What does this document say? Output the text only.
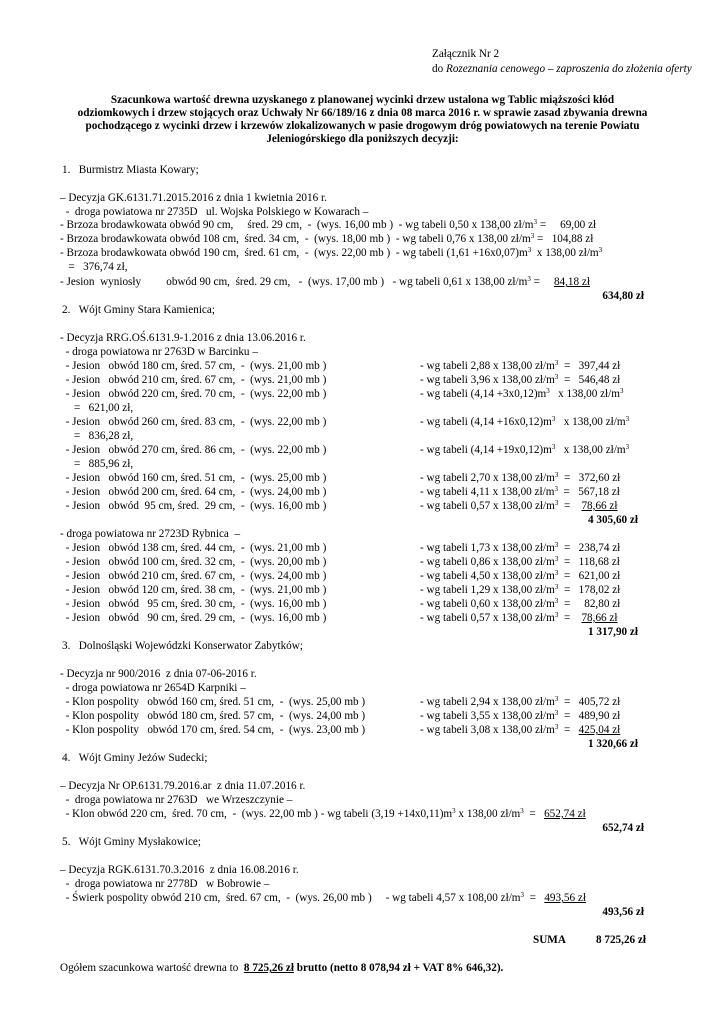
Załącznik Nr 2
do Rozeznania cenowego – zaproszenia do złożenia oferty
Szacunkowa wartość drewna uzyskanego z planowanej wycinki drzew ustalona wg Tablic miąższości kłód
odziomkowych i drzew stojących oraz Uchwały Nr 66/189/16 z dnia 08 marca 2016 r. w sprawie zasad zbywania drewna
pochodzącego z wycinki drzew i krzewów zlokalizowanych w pasie drogowym dróg powiatowych na terenie Powiatu
Jeleniogórskiego dla poniższych decyzji:
1.   Burmistrz Miasta Kowary;
– Decyzja GK.6131.71.2015.2016 z dnia 1 kwietnia 2016 r.
-  droga powiatowa nr 2735D   ul. Wojska Polskiego w Kowarach –
- Brzoza brodawkowata obwód 90 cm,     śred. 29 cm,  -  (wys. 16,00 mb )  - wg tabeli 0,50 x 138,00 $zł/m^3$ =     69,00 zł
- Brzoza brodawkowata obwód 108 cm,  śred. 34 cm,  -  (wys. 18,00 mb )  - wg tabeli 0,76 x 138,00 $zł/m^3 = 104,88$ zł
- Brzoza brodawkowata obwód 190 cm,  śred. 61 cm,  -  (wys. 22,00 mb )  - wg tabeli $(1,61 +16x0,07)m^3$  x 138,00 $zł/m^3$
=   376,74 zł,
- Jesion  wyniosły         obwód 90 cm,  śred. 29 cm,   -  (wys. 17,00 mb )   - wg tabeli 0,61 x 138,00 $zł/m^3$ =     84,18 zł
634,80 zł
2.   Wójt Gminy Stara Kamienica;
- Decyzja RRG.OŚ.6131.9-1.2016 z dnia 13.06.2016 r.
- droga powiatowa nr 2763D w Barcinku –
- Jesion   obwód 180 cm, śred. 57 cm,  -  (wys. 21,00 mb )	- wg tabeli 2,88 x 138,00 $zł/m^3 = 397,44$ zł
- Jesion   obwód 210 cm, śred. 67 cm,  -  (wys. 21,00 mb )	- wg tabeli 3,96 x 138,00 $zł/m^3 = 546,48$ zł
- Jesion   obwód 220 cm, śred. 70 cm,  -  (wys. 22,00 mb )	- wg tabeli $(4,14 +3x0,12)m^3$   x 138,00 $zł/m^3$
=   621,00 zł,
- Jesion   obwód 260 cm, śred. 83 cm,  -  (wys. 22,00 mb )	- wg tabeli $(4,14 +16x0,12)m^3$   x 138,00 $zł/m^3$
=   836,28 zł,
- Jesion   obwód 270 cm, śred. 86 cm,  -  (wys. 22,00 mb )	- wg tabeli $(4,14 +19x0,12)m^3$   x 138,00 $zł/m^3$
=   885,96 zł,
- Jesion   obwód 160 cm, śred. 51 cm,  -  (wys. 25,00 mb )	- wg tabeli 2,70 x 138,00 $zł/m^3 = 372,60$ zł
- Jesion   obwód 200 cm, śred. 64 cm,  -  (wys. 24,00 mb )	- wg tabeli 4,11 x 138,00 $zł/m^3 = 567,18$ zł
- Jesion   obwód  95 cm, śred.  29 cm,  -  (wys. 16,00 mb )	- wg tabeli 0,57 x 138,00 $zł/m^3$  =    78,66 zł
4 305,60 zł
- droga powiatowa nr 2723D Rybnica  –
- Jesion   obwód 138 cm, śred. 44 cm,  -  (wys. 21,00 mb )	- wg tabeli 1,73 x 138,00 $zł/m^3 = 238,74$ zł
- Jesion   obwód 100 cm, śred. 32 cm,  -  (wys. 20,00 mb )	- wg tabeli 0,86 x 138,00 $zł/m^3 = 118,68$ zł
- Jesion   obwód 210 cm, śred. 67 cm,  -  (wys. 24,00 mb )	- wg tabeli 4,50 x 138,00 $zł/m^3 = 621,00$ zł
- Jesion   obwód 120 cm, śred. 38 cm,  -  (wys. 21,00 mb )	- wg tabeli 1,29 x 138,00 $zł/m^3 = 178,02$ zł
- Jesion   obwód   95 cm, śred. 30 cm,  -  (wys. 16,00 mb )	- wg tabeli 0,60 x 138,00 $zł/m^3$  =     82,80 zł
- Jesion   obwód   90 cm, śred. 29 cm,  -  (wys. 16,00 mb )	- wg tabeli 0,57 x 138,00 $zł/m^3$  =    78,66 zł
1 317,90 zł
3.   Dolnośląski Wojewódzki Konserwator Zabytków;
- Decyzja nr 900/2016  z dnia 07-06-2016 r.
- droga powiatowa nr 2654D Karpniki –
- Klon pospolity   obwód 160 cm, śred. 51 cm,  -  (wys. 25,00 mb )	- wg tabeli 2,94 x 138,00 $zł/m^3 = 405,72$ zł
- Klon pospolity   obwód 180 cm, śred. 57 cm,  -  (wys. 24,00 mb )	- wg tabeli 3,55 x 138,00 $zł/m^3 = 489,90$ zł
- Klon pospolity   obwód 170 cm, śred. 54 cm,  -  (wys. 23,00 mb )	- wg tabeli 3,08 x 138,00 $zł/m^3 = 425,04$ zł
1 320,66 zł
4.   Wójt Gminy Jeżów Sudecki;
– Decyzja Nr OP.6131.79.2016.ar  z dnia 11.07.2016 r.
-  droga powiatowa nr 2763D   we Wrzeszczynie –
- Klon obwód 220 cm,  śred. 70 cm,  -  (wys. 22,00 mb ) - wg tabeli $(3,19 +14x0,11)m^3$ x 138,00 $zł/m^3 = 652,74$ zł
652,74 zł
5.   Wójt Gminy Mysłakowice;
– Decyzja RGK.6131.70.3.2016  z dnia 16.08.2016 r.
-  droga powiatowa nr 2778D   w Bobrowie –
- Świerk pospolity obwód 210 cm,  śred. 67 cm,  -  (wys. 26,00 mb )     - wg tabeli 4,57 x 108,00 $zł/m^3 = 493,56$ zł
493,56 zł
SUMA	8 725,26 zł
Ogółem szacunkowa wartość drewna to  8 725,26 zł brutto (netto 8 078,94 zł + VAT 8% 646,32).
